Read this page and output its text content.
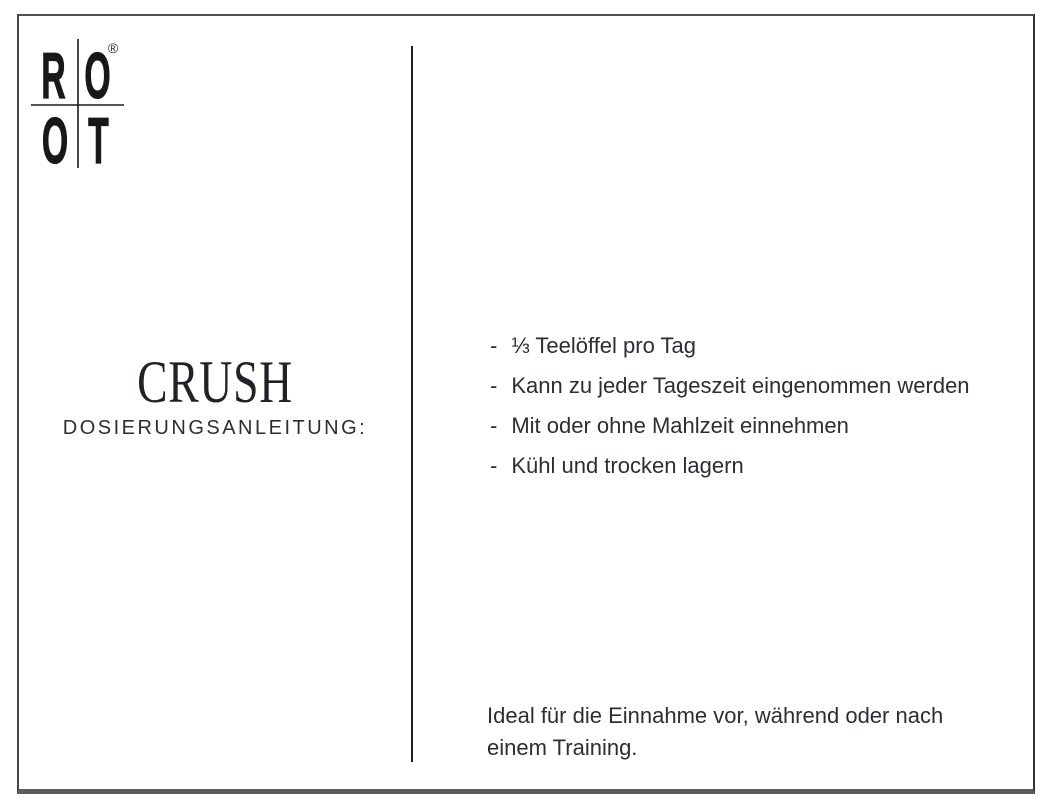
R O
O T
®
CRUSH
DOSIERUNGSANLEITUNG:
- ⅓ Teelöffel pro Tag
- Kann zu jeder Tageszeit eingenommen werden
- Mit oder ohne Mahlzeit einnehmen
- Kühl und trocken lagern
Ideal für die Einnahme vor, während oder nach
einem Training.
